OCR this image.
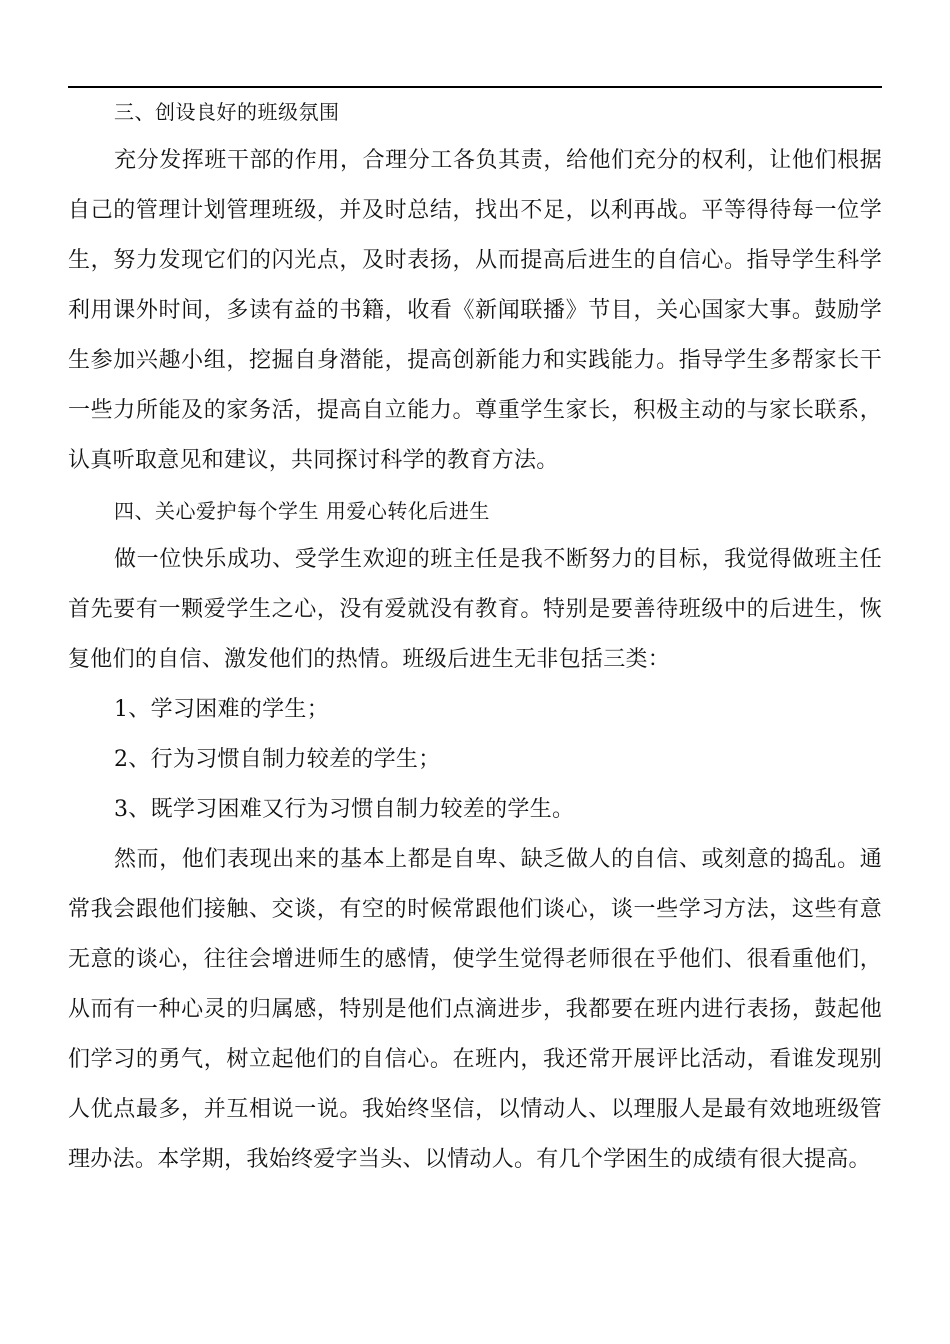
三、创设良好的班级氛围

充分发挥班干部的作用，合理分工各负其责，给他们充分的权利，让他们根据自己的管理计划管理班级，并及时总结，找出不足，以利再战。平等得待每一位学生，努力发现它们的闪光点，及时表扬，从而提高后进生的自信心。指导学生科学利用课外时间，多读有益的书籍，收看《新闻联播》节目，关心国家大事。鼓励学生参加兴趣小组，挖掘自身潜能，提高创新能力和实践能力。指导学生多帮家长干一些力所能及的家务活，提高自立能力。尊重学生家长，积极主动的与家长联系，认真听取意见和建议，共同探讨科学的教育方法。

四、关心爱护每个学生 用爱心转化后进生

做一位快乐成功、受学生欢迎的班主任是我不断努力的目标，我觉得做班主任首先要有一颗爱学生之心，没有爱就没有教育。特别是要善待班级中的后进生，恢复他们的自信、激发他们的热情。班级后进生无非包括三类：

1、学习困难的学生；

2、行为习惯自制力较差的学生；

3、既学习困难又行为习惯自制力较差的学生。

然而，他们表现出来的基本上都是自卑、缺乏做人的自信、或刻意的捣乱。通常我会跟他们接触、交谈，有空的时候常跟他们谈心，谈一些学习方法，这些有意无意的谈心，往往会增进师生的感情，使学生觉得老师很在乎他们、很看重他们，从而有一种心灵的归属感，特别是他们点滴进步，我都要在班内进行表扬，鼓起他们学习的勇气，树立起他们的自信心。在班内，我还常开展评比活动，看谁发现别人优点最多，并互相说一说。我始终坚信，以情动人、以理服人是最有效地班级管理办法。本学期，我始终爱字当头、以情动人。有几个学困生的成绩有很大提高。
